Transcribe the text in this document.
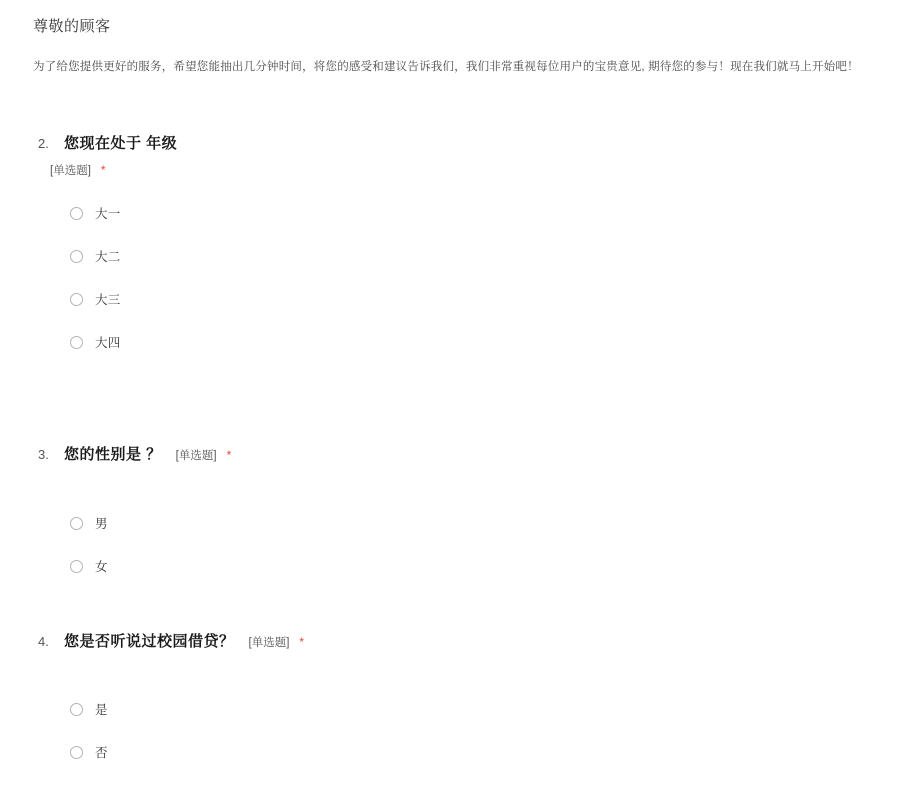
尊敬的顾客
为了给您提供更好的服务，希望您能抽出几分钟时间，将您的感受和建议告诉我们，我们非常重视每位用户的宝贵意见, 期待您的参与！现在我们就马上开始吧！
2.	您现在处于 年级
[单选题] *
大一
大二
大三
大四
3.	您的性别是 ？ [单选题] *
男
女
4.	您是否听说过校园借贷？ [单选题] *
是
否
